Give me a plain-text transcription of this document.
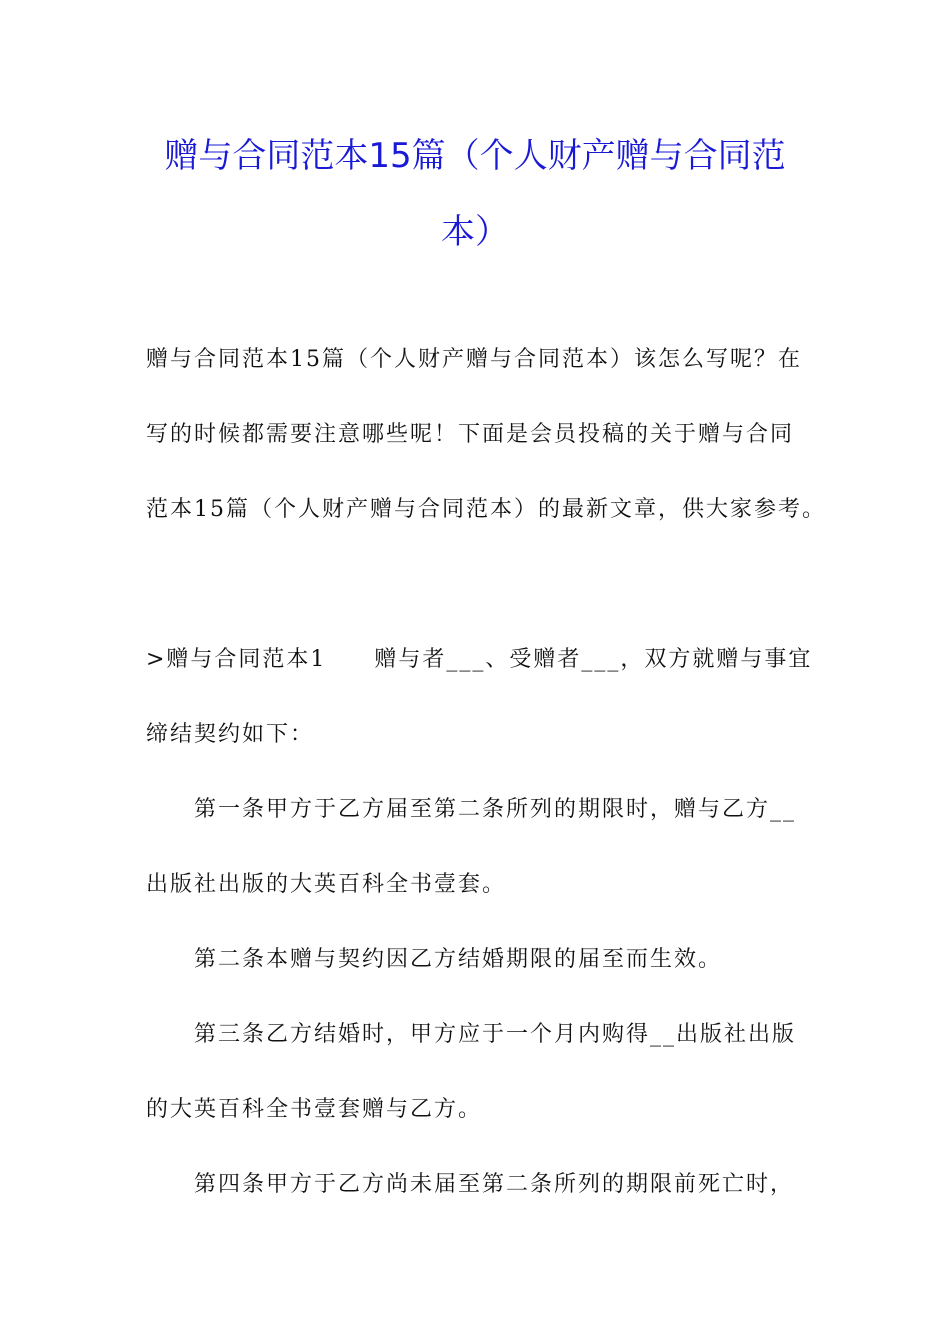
赠与合同范本15篇（个人财产赠与合同范
本）

赠与合同范本15篇（个人财产赠与合同范本）该怎么写呢？在
写的时候都需要注意哪些呢！下面是会员投稿的关于赠与合同
范本15篇（个人财产赠与合同范本）的最新文章，供大家参考。

>赠与合同范本1　　赠与者___、受赠者___，双方就赠与事宜
缔结契约如下：

第一条甲方于乙方届至第二条所列的期限时，赠与乙方__
出版社出版的大英百科全书壹套。

第二条本赠与契约因乙方结婚期限的届至而生效。

第三条乙方结婚时，甲方应于一个月内购得__出版社出版
的大英百科全书壹套赠与乙方。

第四条甲方于乙方尚未届至第二条所列的期限前死亡时，
